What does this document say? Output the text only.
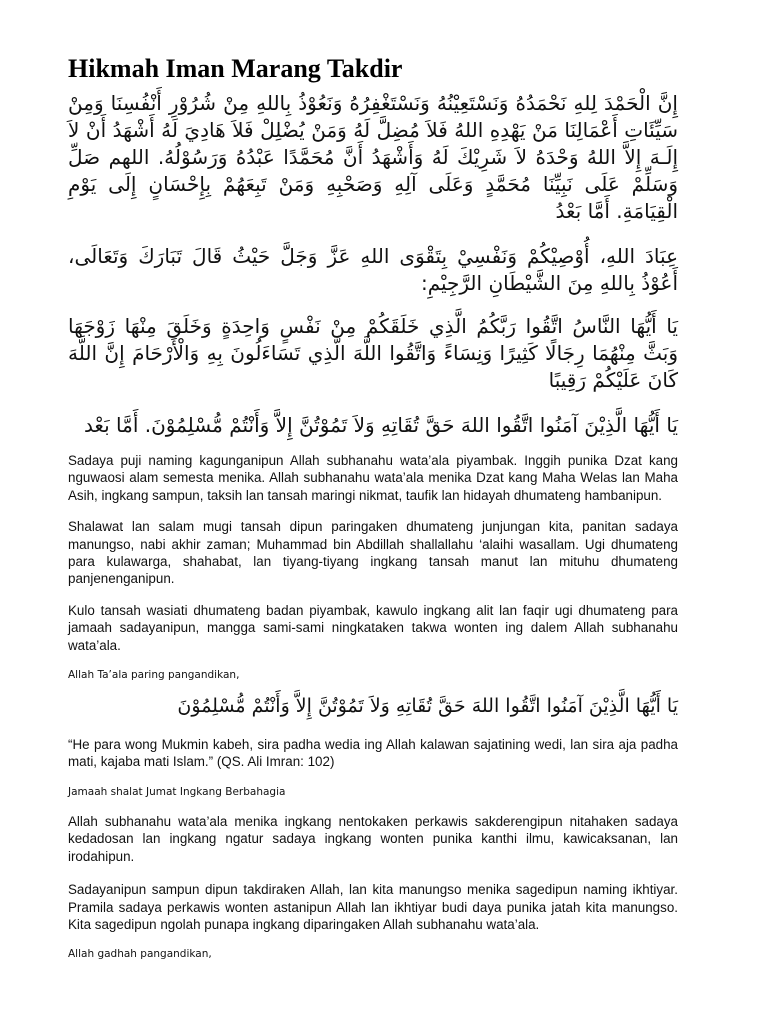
Hikmah Iman Marang Takdir

إِنَّ الْحَمْدَ لِلهِ نَحْمَدُهُ وَنَسْتَعِيْنُهُ وَنَسْتَغْفِرُهُ وَنَعُوْذُ بِاللهِ مِنْ شُرُوْرِ أَنْفُسِنَا وَمِنْ سَيِّئَاتِ أَعْمَالِنَا مَنْ يَهْدِهِ اللهُ فَلاَ مُضِلَّ لَهُ وَمَنْ يُضْلِلْ فَلاَ هَادِيَ لَهُ أَشْهَدُ أَنْ لاَ إِلَـهَ إِلاَّ اللهُ وَحْدَهُ لاَ شَرِيْكَ لَهُ وَأَشْهَدُ أَنَّ مُحَمَّدًا عَبْدُهُ وَرَسُوْلُهُ. اللهم صَلِّ وَسَلِّمْ عَلَى نَبِيِّنَا مُحَمَّدٍ وَعَلَى آلِهِ وَصَحْبِهِ وَمَنْ تَبِعَهُمْ بِإِحْسَانٍ إِلَى يَوْمِ الْقِيَامَةِ. أَمَّا بَعْدُ

عِبَادَ اللهِ، أُوْصِيْكُمْ وَنَفْسِيْ بِتَقْوَى اللهِ عَزَّ وَجَلَّ حَيْثُ قَالَ تَبَارَكَ وَتَعَالَى، أَعُوْذُ بِاللهِ مِنَ الشَّيْطَانِ الرَّجِيْمِ:

يَا أَيُّهَا النَّاسُ اتَّقُوا رَبَّكُمُ الَّذِي خَلَقَكُمْ مِنْ نَفْسٍ وَاحِدَةٍ وَخَلَقَ مِنْهَا زَوْجَهَا وَبَثَّ مِنْهُمَا رِجَالًا كَثِيرًا وَنِسَاءً وَاتَّقُوا اللَّهَ الَّذِي تَسَاءَلُونَ بِهِ وَالْأَرْحَامَ إِنَّ اللَّهَ كَانَ عَلَيْكُمْ رَقِيبًا

يَا أَيُّهَا الَّذِيْنَ آمَنُوا اتَّقُوا اللهَ حَقَّ تُقَاتِهِ وَلاَ تَمُوْتُنَّ إِلاَّ وَأَنْتُمْ مُّسْلِمُوْنَ. أَمَّا بَعْد

Sadaya puji naming kagunganipun Allah subhanahu wata’ala piyambak. Inggih punika Dzat kang nguwaosi alam semesta menika. Allah subhanahu wata’ala menika Dzat kang Maha Welas lan Maha Asih, ingkang sampun, taksih lan tansah maringi nikmat, taufik lan hidayah dhumateng hambanipun.

Shalawat lan salam mugi tansah dipun paringaken dhumateng junjungan kita, panitan sadaya manungso, nabi akhir zaman; Muhammad bin Abdillah shallallahu ‘alaihi wasallam. Ugi dhumateng para kulawarga, shahabat, lan tiyang-tiyang ingkang tansah manut lan mituhu dhumateng panjenenganipun.

Kulo tansah wasiati dhumateng badan piyambak, kawulo ingkang alit lan faqir ugi dhumateng para jamaah sadayanipun, mangga sami-sami ningkataken takwa wonten ing dalem Allah subhanahu wata’ala.

Allah Ta’ala paring pangandikan,

يَا أَيُّهَا الَّذِيْنَ آمَنُوا اتَّقُوا اللهَ حَقَّ تُقَاتِهِ وَلاَ تَمُوْتُنَّ إِلاَّ وَأَنْتُمْ مُّسْلِمُوْنَ

“He para wong Mukmin kabeh, sira padha wedia ing Allah kalawan sajatining wedi, lan sira aja padha mati, kajaba mati Islam.” (QS. Ali Imran: 102)

Jamaah shalat Jumat Ingkang Berbahagia

Allah subhanahu wata’ala menika ingkang nentokaken perkawis sakderengipun nitahaken sadaya kedadosan lan ingkang ngatur sadaya ingkang wonten punika kanthi ilmu, kawicaksanan, lan irodahipun.

Sadayanipun sampun dipun takdiraken Allah, lan kita manungso menika sagedipun naming ikhtiyar. Pramila sadaya perkawis wonten astanipun Allah lan ikhtiyar budi daya punika jatah kita manungso. Kita sagedipun ngolah punapa ingkang diparingaken Allah subhanahu wata’ala.

Allah gadhah pangandikan,
